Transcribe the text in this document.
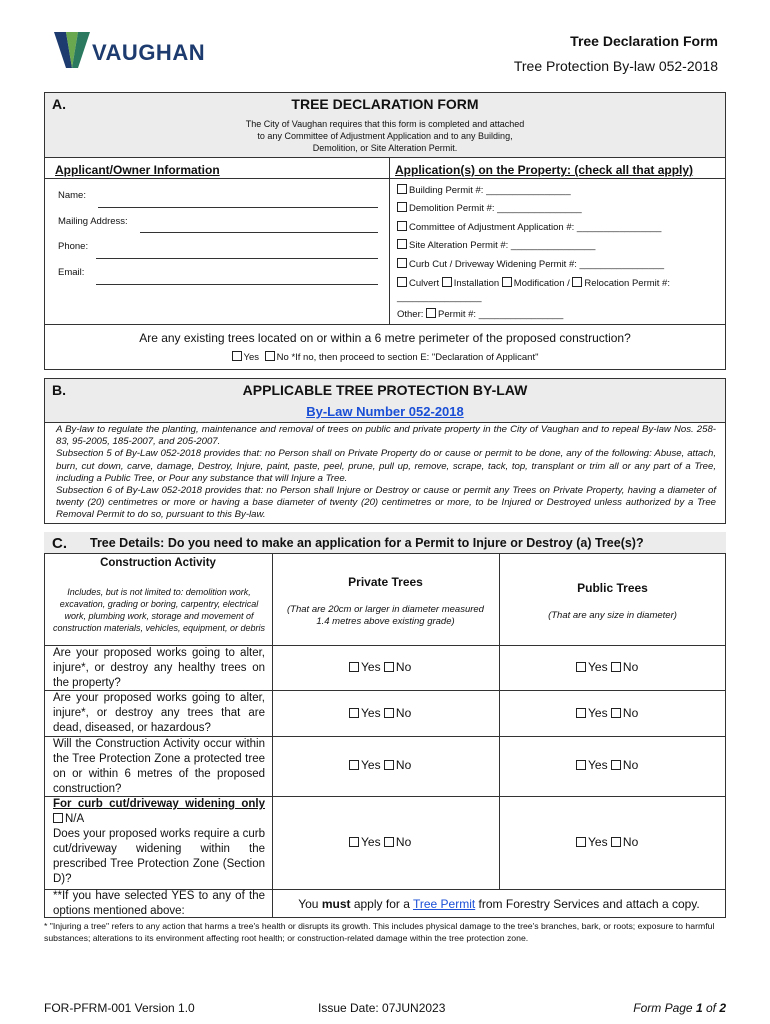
VAUGHAN	Tree Declaration Form
Tree Protection By-law 052-2018
A.	TREE DECLARATION FORM
The City of Vaughan requires that this form is completed and attached
to any Committee of Adjustment Application and to any Building,
Demolition, or Site Alteration Permit.
Applicant/Owner Information
Name:
Mailing Address:
Phone:
Email:
Application(s) on the Property: (check all that apply)
Building Permit #: ________________
Demolition Permit #: ________________
Committee of Adjustment Application #: ________________
Site Alteration Permit #: ________________
Curb Cut / Driveway Widening Permit #: ________________
Culvert Installation Modification / Relocation Permit #:
________________
Other: Permit #: ________________
Are any existing trees located on or within a 6 metre perimeter of the proposed construction?
Yes No *If no, then proceed to section E: "Declaration of Applicant"
B.	APPLICABLE TREE PROTECTION BY-LAW
By-Law Number 052-2018
A By-law to regulate the planting, maintenance and removal of trees on public and private property in the City of Vaughan and to repeal By-law Nos. 258-83, 95-2005, 185-2007, and 205-2007.
Subsection 5 of By-Law 052-2018 provides that: no Person shall on Private Property do or cause or permit to be done, any of the following: Abuse, attach, burn, cut down, carve, damage, Destroy, Injure, paint, paste, peel, prune, pull up, remove, scrape, tack, top, transplant or trim all or any part of a Tree, including a Public Tree, or Pour any substance that will Injure a Tree.
Subsection 6 of By-Law 052-2018 provides that: no Person shall Injure or Destroy or cause or permit any Trees on Private Property, having a diameter of twenty (20) centimetres or more or having a base diameter of twenty (20) centimetres or more, to be Injured or Destroyed unless authorized by a Tree Removal Permit to do so, pursuant to this By-law.
C. Tree Details: Do you need to make an application for a Permit to Injure or Destroy (a) Tree(s)?
Construction Activity
Includes, but is not limited to: demolition work, excavation, grading or boring, carpentry, electrical work, plumbing work, storage and movement of construction materials, vehicles, equipment, or debris
Private Trees
(That are 20cm or larger in diameter measured 1.4 metres above existing grade)
Public Trees
(That are any size in diameter)
Are your proposed works going to alter, injure*, or destroy any healthy trees on the property?
Yes No	Yes No
Are your proposed works going to alter, injure*, or destroy any trees that are dead, diseased, or hazardous?
Yes No	Yes No
Will the Construction Activity occur within the Tree Protection Zone a protected tree on or within 6 metres of the proposed construction?
Yes No	Yes No
For curb cut/driveway widening only N/A
Does your proposed works require a curb cut/driveway widening within the prescribed Tree Protection Zone (Section D)?
Yes No	Yes No
**If you have selected YES to any of the options mentioned above:	You must apply for a Tree Permit from Forestry Services and attach a copy.
* "Injuring a tree" refers to any action that harms a tree's health or disrupts its growth. This includes physical damage to the tree's branches, bark, or roots; exposure to harmful substances; alterations to its environment affecting root health; or construction-related damage within the tree protection zone.
FOR-PFRM-001 Version 1.0	Issue Date: 07JUN2023	Form Page 1 of 2
